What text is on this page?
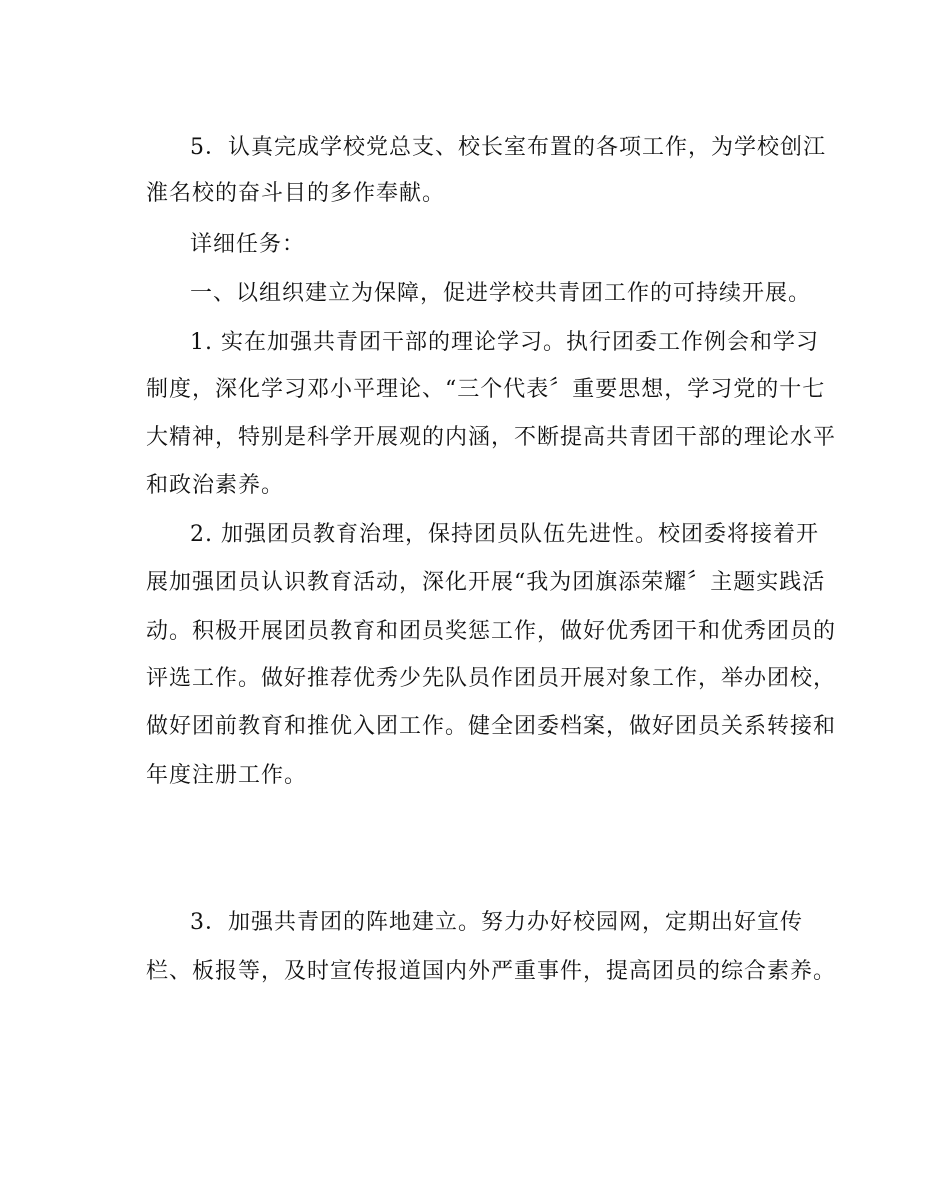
5．认真完成学校党总支、校长室布置的各项工作，为学校创江
淮名校的奋斗目的多作奉献。
详细任务：
一、以组织建立为保障，促进学校共青团工作的可持续开展。
1. 实在加强共青团干部的理论学习。执行团委工作例会和学习
制度，深化学习邓小平理论、“三个代表〞重要思想，学习党的十七
大精神，特别是科学开展观的内涵，不断提高共青团干部的理论水平
和政治素养。
2. 加强团员教育治理，保持团员队伍先进性。校团委将接着开
展加强团员认识教育活动，深化开展“我为团旗添荣耀〞主题实践活
动。积极开展团员教育和团员奖惩工作，做好优秀团干和优秀团员的
评选工作。做好推荐优秀少先队员作团员开展对象工作，举办团校，
做好团前教育和推优入团工作。健全团委档案，做好团员关系转接和
年度注册工作。
3．加强共青团的阵地建立。努力办好校园网，定期出好宣传
栏、板报等，及时宣传报道国内外严重事件，提高团员的综合素养。
